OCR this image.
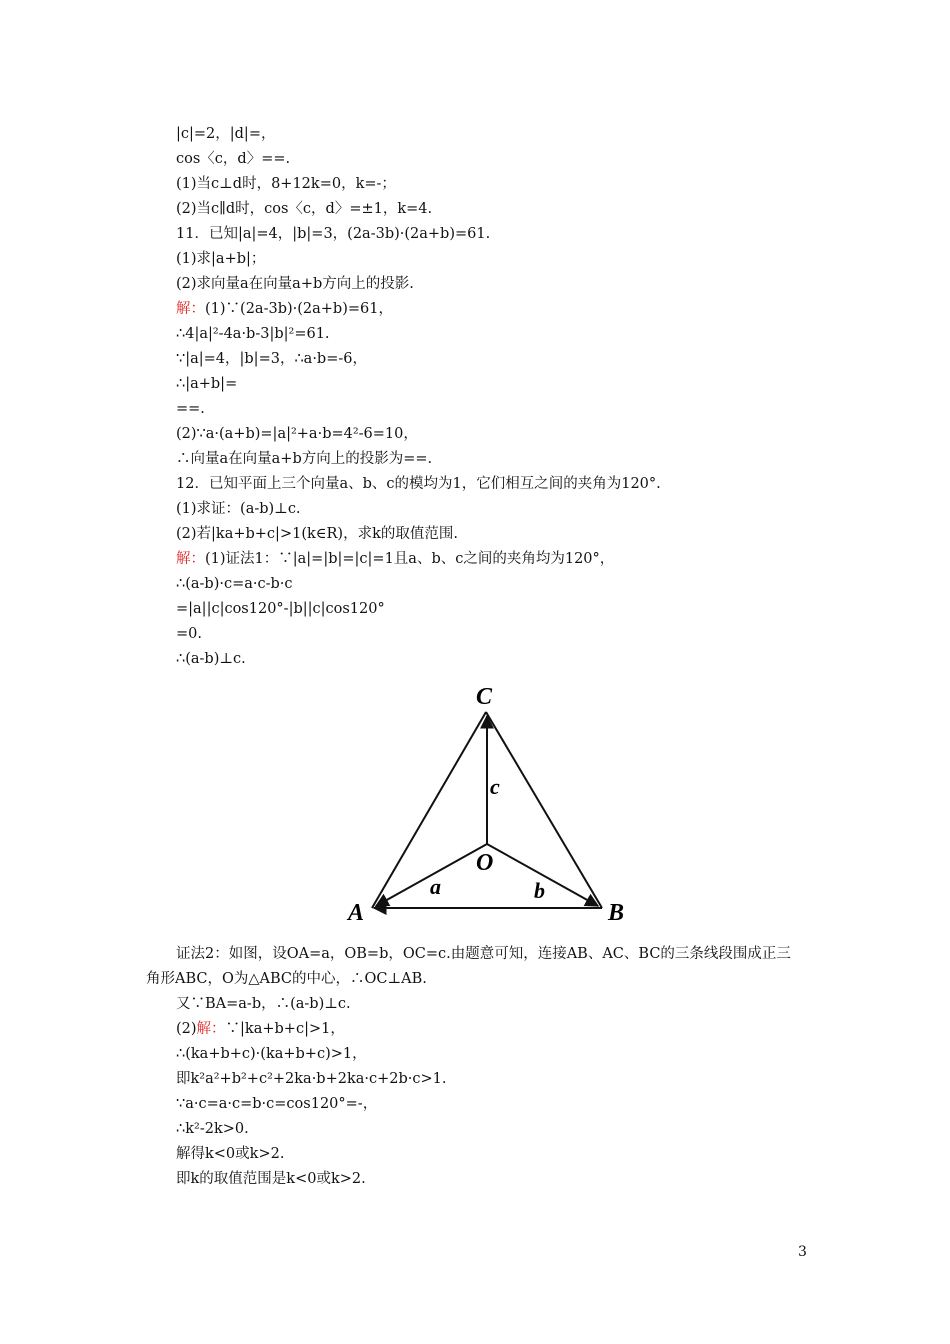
|c|=2，|d|=，
cos〈c，d〉==.
(1)当c⊥d时，8+12k=0，k=-；
(2)当c∥d时，cos〈c，d〉=±1，k=4.
11．已知|a|=4，|b|=3，(2a-3b)·(2a+b)=61.
(1)求|a+b|；
(2)求向量a在向量a+b方向上的投影.
解：(1)∵(2a-3b)·(2a+b)=61，
∴4|a|²-4a·b-3|b|²=61.
∵|a|=4，|b|=3，∴a·b=-6，
∴|a+b|=
==.
(2)∵a·(a+b)=|a|²+a·b=4²-6=10，
∴向量a在向量a+b方向上的投影为==.
12．已知平面上三个向量a、b、c的模均为1，它们相互之间的夹角为120°.
(1)求证：(a-b)⊥c.
(2)若|ka+b+c|>1(k∈R)，求k的取值范围.
解：(1)证法1：∵|a|=|b|=|c|=1且a、b、c之间的夹角均为120°，
∴(a-b)·c=a·c-b·c
=|a||c|cos120°-|b||c|cos120°
=0.
∴(a-b)⊥c.
证法2：如图，设OA=a，OB=b，OC=c.由题意可知，连接AB、AC、BC的三条线段围成正三
角形ABC，O为△ABC的中心，∴OC⊥AB.
又∵BA=a-b，∴(a-b)⊥c.
(2)解：∵|ka+b+c|>1，
∴(ka+b+c)·(ka+b+c)>1，
即k²a²+b²+c²+2ka·b+2ka·c+2b·c>1.
∵a·c=a·c=b·c=cos120°=-，
∴k²-2k>0.
解得k<0或k>2.
即k的取值范围是k<0或k>2.
C
c
O
a	b
A	B
3
